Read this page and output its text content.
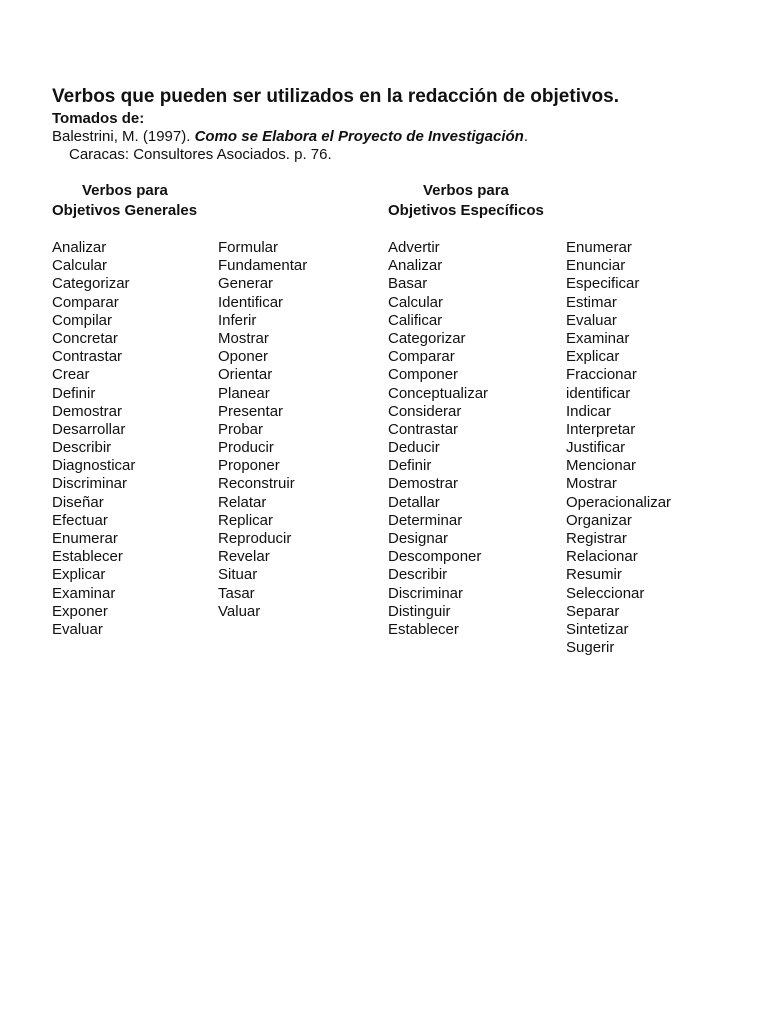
Verbos que pueden ser utilizados en la redacción de objetivos.
Tomados de:
Balestrini, M. (1997). Como se Elabora el Proyecto de Investigación.
Caracas: Consultores Asociados. p. 76.
Verbos para
Objetivos Generales
Verbos para
Objetivos Específicos
Analizar
Calcular
Categorizar
Comparar
Compilar
Concretar
Contrastar
Crear
Definir
Demostrar
Desarrollar
Describir
Diagnosticar
Discriminar
Diseñar
Efectuar
Enumerar
Establecer
Explicar
Examinar
Exponer
Evaluar
Formular
Fundamentar
Generar
Identificar
Inferir
Mostrar
Oponer
Orientar
Planear
Presentar
Probar
Producir
Proponer
Reconstruir
Relatar
Replicar
Reproducir
Revelar
Situar
Tasar
Valuar
Advertir
Analizar
Basar
Calcular
Calificar
Categorizar
Comparar
Componer
Conceptualizar
Considerar
Contrastar
Deducir
Definir
Demostrar
Detallar
Determinar
Designar
Descomponer
Describir
Discriminar
Distinguir
Establecer
Enumerar
Enunciar
Especificar
Estimar
Evaluar
Examinar
Explicar
Fraccionar
identificar
Indicar
Interpretar
Justificar
Mencionar
Mostrar
Operacionalizar
Organizar
Registrar
Relacionar
Resumir
Seleccionar
Separar
Sintetizar
Sugerir
